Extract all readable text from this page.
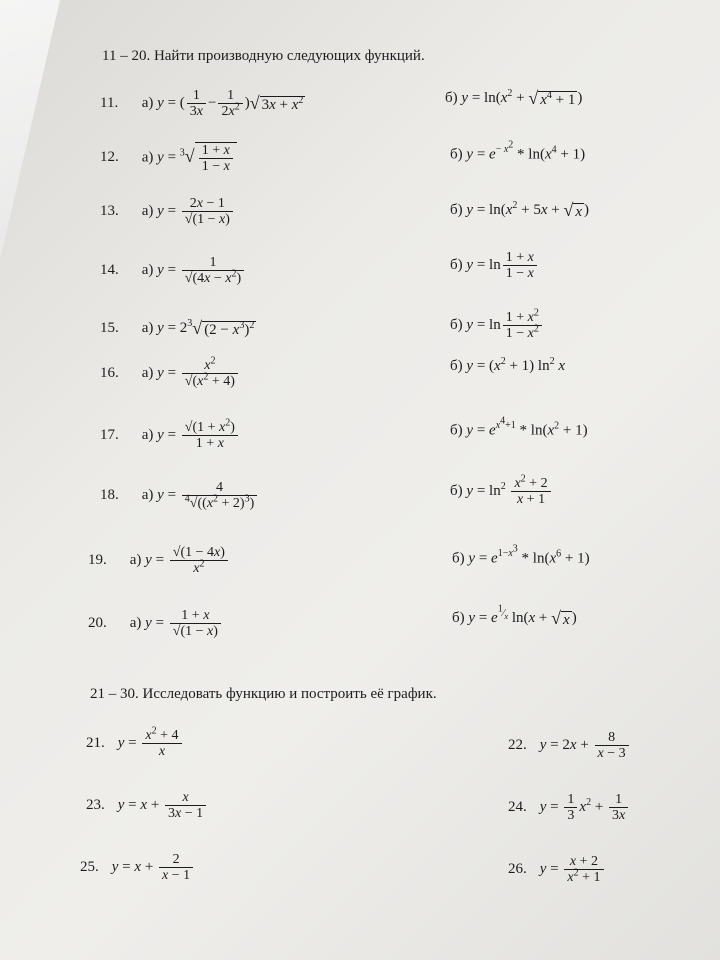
11 – 20. Найти производную следующих функций.
11. а) y = ( $\frac{1}{3x} - \frac{1}{2x^2}$ )√ $3x + x^2$	б) $y = \ln(x^2$ + √ $x^4 + 1$ )
12. а) $y = ^3√ \frac{1 + x}{1 - x}$	б) $y = e^{- x^2} * \ln(x^4 + 1)$
13. а) $y = \frac{2x - 1}{√(1 - x)}$	б) $y = \ln(x^2 + 5x$ + √ x )
14. а) $y = \frac{1}{√(4x - x^2)}$	б) $y = \ln \frac{1 + x}{1 - x}$
15. а) $y = 2^3√$ $(2 - x^3)^2$	б) $y = \ln \frac{1 + x^2}{1 - x^2}$
16. а) $y = \frac{x^2}{√(x^2 + 4)}$	б) $y = (x^2 + 1)$ $\ln^2 x$
17. а) $y = \frac{√(1 + x^2)}{1 + x}$	б) $y = e^{x^4+1} * \ln(x^2 + 1)$
18. а) $y = \frac{4}{^4√((x^2 + 2)^3)}$	б) $y = \ln^2 \frac{x^2 + 2}{x + 1}$
19. а) $y = \frac{√(1 - 4x)}{x^2}$	б) $y = e^{1-x^3} * \ln(x^6 + 1)$
20. а) $y = \frac{1 + x}{√(1 - x)}$	б) $y = e^{^1⁄_x}$ ln(x + √ x )
21 – 30. Исследовать функцию и построить её график.
21. $y = \frac{x^2 + 4}{x}$	22. $y = 2x + \frac{8}{x - 3}$
23. $y = x + \frac{x}{3x - 1}$	24. $y = \frac{1}{3} x^2 + \frac{1}{3x}$
25. $y = x + \frac{2}{x - 1}$	26. $y = \frac{x + 2}{x^2 + 1}$
